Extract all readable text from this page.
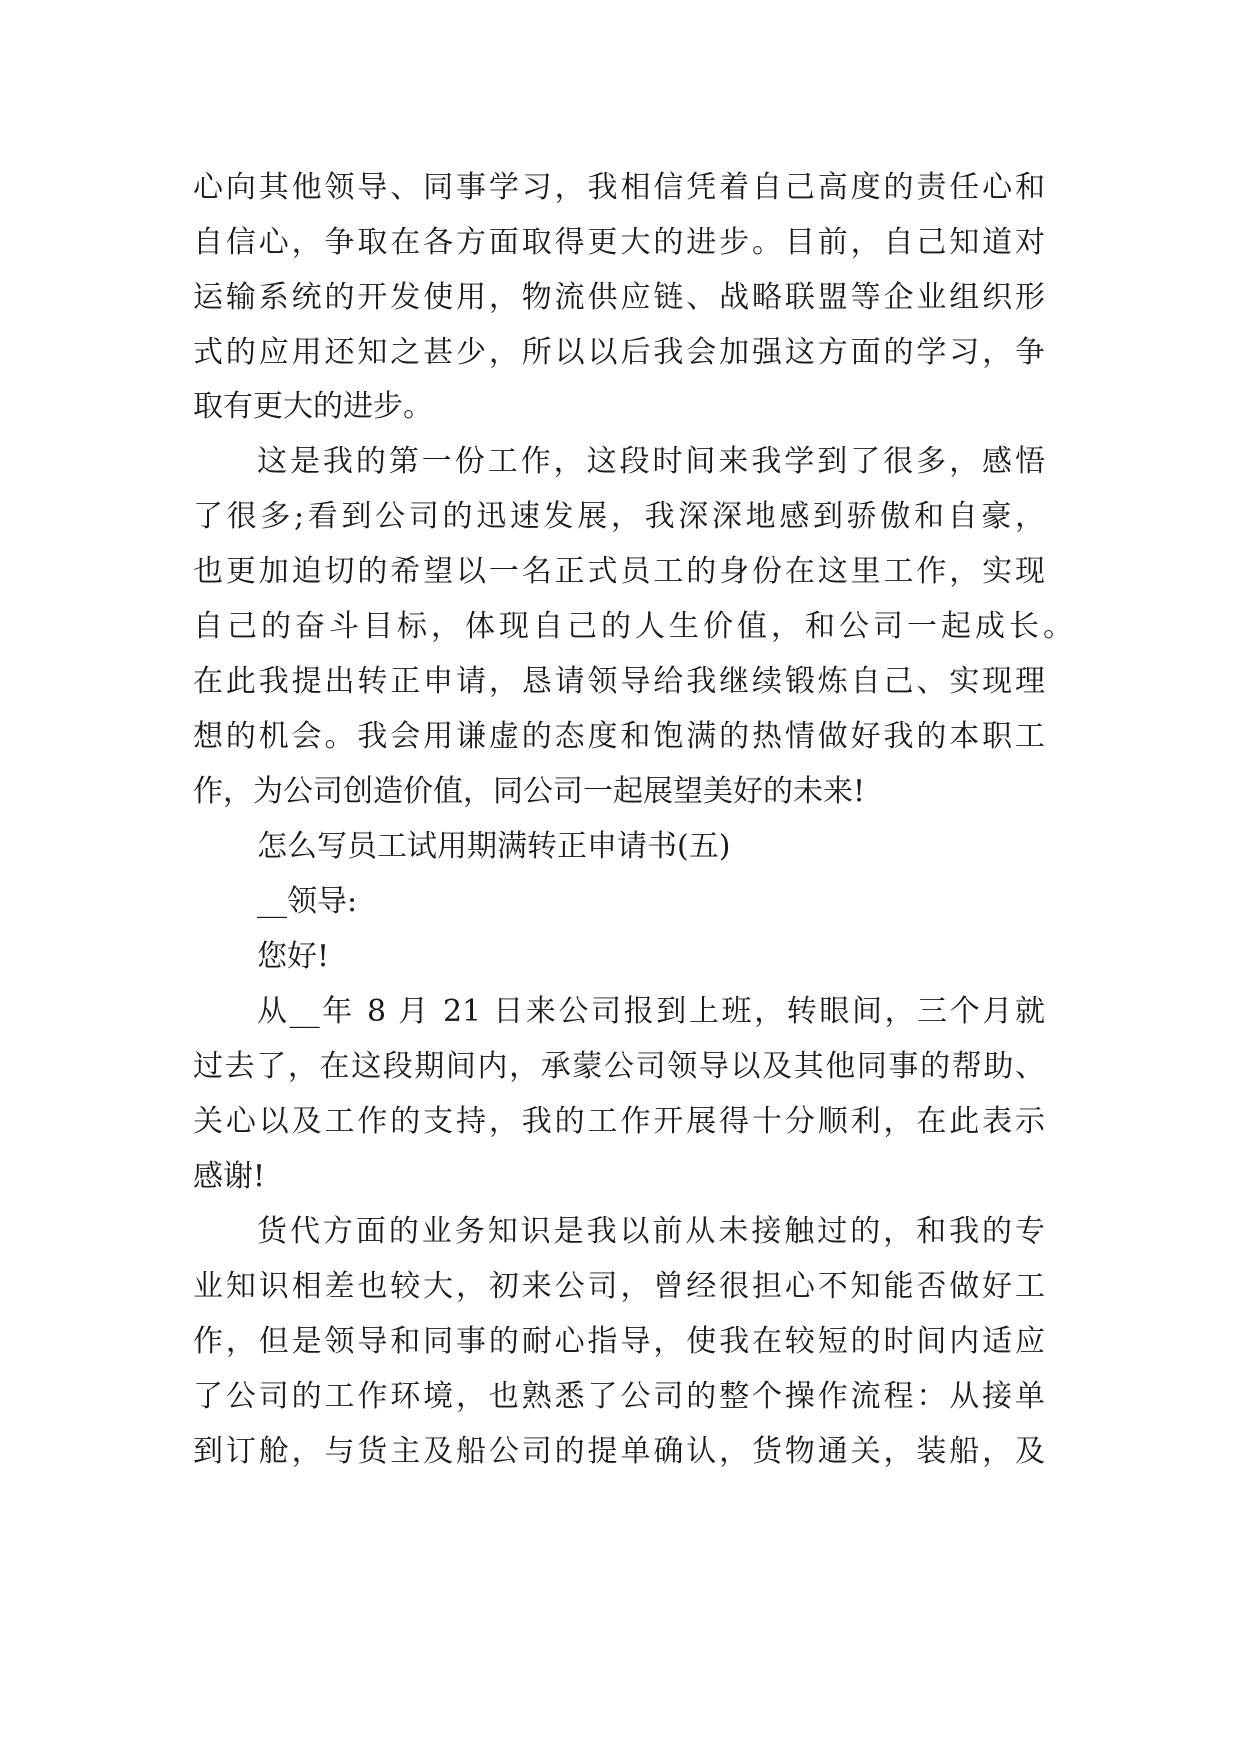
心向其他领导、同事学习，我相信凭着自己高度的责任心和
自信心，争取在各方面取得更大的进步。目前，自己知道对
运输系统的开发使用，物流供应链、战略联盟等企业组织形
式的应用还知之甚少，所以以后我会加强这方面的学习，争
取有更大的进步。
这是我的第一份工作，这段时间来我学到了很多，感悟
了很多;看到公司的迅速发展，我深深地感到骄傲和自豪，
也更加迫切的希望以一名正式员工的身份在这里工作，实现
自己的奋斗目标，体现自己的人生价值，和公司一起成长。
在此我提出转正申请，恳请领导给我继续锻炼自己、实现理
想的机会。我会用谦虚的态度和饱满的热情做好我的本职工
作，为公司创造价值，同公司一起展望美好的未来!
怎么写员工试用期满转正申请书(五)
__领导:
您好!
从__年 8 月 21 日来公司报到上班，转眼间，三个月就
过去了，在这段期间内，承蒙公司领导以及其他同事的帮助、
关心以及工作的支持，我的工作开展得十分顺利，在此表示
感谢!
货代方面的业务知识是我以前从未接触过的，和我的专
业知识相差也较大，初来公司，曾经很担心不知能否做好工
作，但是领导和同事的耐心指导，使我在较短的时间内适应
了公司的工作环境，也熟悉了公司的整个操作流程：从接单
到订舱，与货主及船公司的提单确认，货物通关，装船，及
